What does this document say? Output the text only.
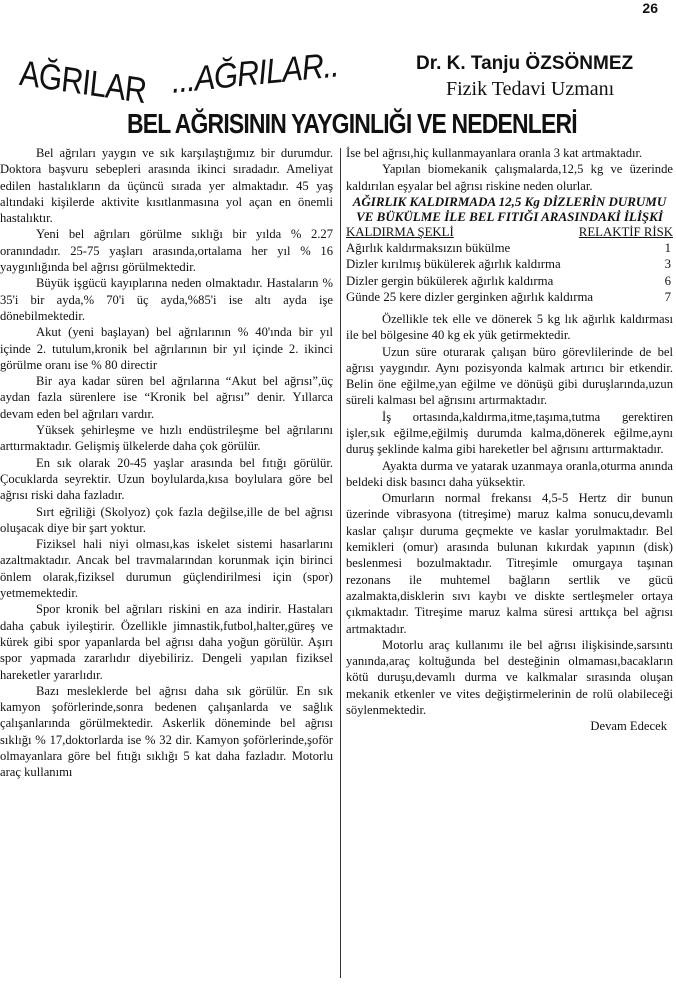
26
AĞRILAR ...AĞRILAR..	Dr. K. Tanju ÖZSÖNMEZ
Fizik Tedavi Uzmanı
BEL AĞRISININ YAYGINLIĞI VE NEDENLERİ

Bel ağrıları yaygın ve sık karşılaştığımız bir durumdur. Doktora başvuru sebepleri arasında ikinci sıradadır. Ameliyat edilen hastalıkların da üçüncü sırada yer almaktadır. 45 yaş altındaki kişilerde aktivite kısıtlanmasına yol açan en önemli hastalıktır.

Yeni bel ağrıları görülme sıklığı bir yılda % 2.27 oranındadır. 25-75 yaşları arasında,ortalama her yıl % 16 yaygınlığında bel ağrısı görülmektedir.

Büyük işgücü kayıplarına neden olmaktadır. Hastaların % 35'i bir ayda,% 70'i üç ayda,%85'i ise altı ayda işe dönebilmektedir.

Akut (yeni başlayan) bel ağrılarının % 40'ında bir yıl içinde 2. tutulum,kronik bel ağrılarının bir yıl içinde 2. ikinci görülme oranı ise % 80 directir

Bir aya kadar süren bel ağrılarına “Akut bel ağrısı”,üç aydan fazla sürenlere ise “Kronik bel ağrısı” denir. Yıllarca devam eden bel ağrıları vardır.

Yüksek şehirleşme ve hızlı endüstrileşme bel ağrılarını arttırmaktadır. Gelişmiş ülkelerde daha çok görülür.

En sık olarak 20-45 yaşlar arasında bel fıtığı görülür. Çocuklarda seyrektir. Uzun boylularda,kısa boylulara göre bel ağrısı riski daha fazladır.

Sırt eğriliği (Skolyoz) çok fazla değilse,ille de bel ağrısı oluşacak diye bir şart yoktur.

Fiziksel hali niyi olması,kas iskelet sistemi hasarlarını azaltmaktadır. Ancak bel travmalarından korunmak için birinci önlem olarak,fiziksel durumun güçlendirilmesi için (spor) yetmemektedir.

Spor kronik bel ağrıları riskini en aza indirir. Hastaları daha çabuk iyileştirir. Özellikle jimnastik,futbol,halter,güreş ve kürek gibi spor yapanlarda bel ağrısı daha yoğun görülür. Aşırı spor yapmada zararlıdır diyebiliriz. Dengeli yapılan fiziksel hareketler yararlıdır.

Bazı mesleklerde bel ağrısı daha sık görülür. En sık kamyon şoförlerinde,sonra bedenen çalışanlarda ve sağlık çalışanlarında görülmektedir. Askerlik döneminde bel ağrısı sıklığı % 17,doktorlarda ise % 32 dir. Kamyon şoförlerinde,şoför olmayanlara göre bel fıtığı sıklığı 5 kat daha fazladır. Motorlu araç kullanımı

İse bel ağrısı,hiç kullanmayanlara oranla 3 kat artmaktadır.

Yapılan biomekanik çalışmalarda,12,5 kg ve üzerinde kaldırılan eşyalar bel ağrısı riskine neden olurlar.

AĞIRLIK KALDIRMADA 12,5 Kg DİZLERİN DURUMU VE BÜKÜLME İLE BEL FITIĞI ARASINDAKİ İLİŞKİ

KALDIRMA ŞEKLİ	RELAKTİF RİSK
Ağırlık kaldırmaksızın bükülme	1
Dizler kırılmış bükülerek ağırlık kaldırma	3
Dizler gergin bükülerek ağırlık kaldırma	6
Günde 25 kere dizler gerginken ağırlık kaldırma	7

Özellikle tek elle ve dönerek 5 kg lık ağırlık kaldırması ile bel bölgesine 40 kg ek yük getirmektedir.

Uzun süre oturarak çalışan büro görevlilerinde de bel ağrısı yaygındır. Aynı pozisyonda kalmak artırıcı bir etkendir. Belin öne eğilme,yan eğilme ve dönüşü gibi duruşlarında,uzun süreli kalması bel ağrısını artırmaktadır.

İş ortasında,kaldırma,itme,taşıma,tutma gerektiren işler,sık eğilme,eğilmiş durumda kalma,dönerek eğilme,aynı duruş şeklinde kalma gibi hareketler bel ağrısını arttırmaktadır.

Ayakta durma ve yatarak uzanmaya oranla,oturma anında beldeki disk basıncı daha yüksektir.

Omurların normal frekansı 4,5-5 Hertz dir bunun üzerinde vibrasyona (titreşime) maruz kalma sonucu,devamlı kaslar çalışır duruma geçmekte ve kaslar yorulmaktadır. Bel kemikleri (omur) arasında bulunan kıkırdak yapının (disk) beslenmesi bozulmaktadır. Titreşimle omurgaya taşınan rezonans ile muhtemel bağların sertlik ve gücü azalmakta,disklerin sıvı kaybı ve diskte sertleşmeler ortaya çıkmaktadır. Titreşime maruz kalma süresi arttıkça bel ağrısı artmaktadır.

Motorlu araç kullanımı ile bel ağrısı ilişkisinde,sarsıntı yanında,araç koltuğunda bel desteğinin olmaması,bacakların kötü duruşu,devamlı durma ve kalkmalar sırasında oluşan mekanik etkenler ve vites değiştirmelerinin de rolü olabileceği söylenmektedir.

Devam Edecek
